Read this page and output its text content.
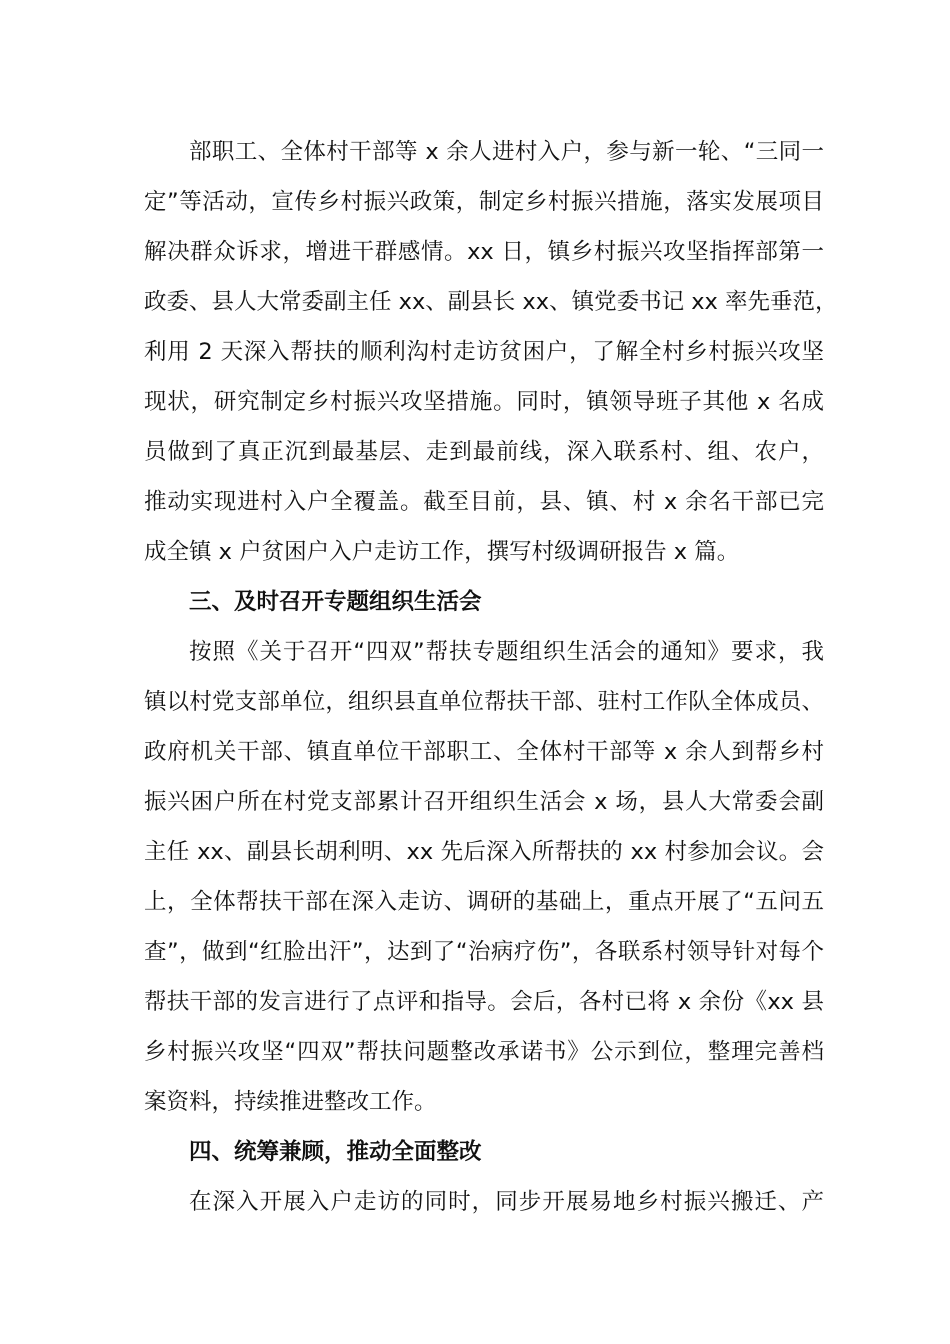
部职工、全体村干部等 x 余人进村入户，参与新一轮、“三同一
定”等活动，宣传乡村振兴政策，制定乡村振兴措施，落实发展项目
解决群众诉求，增进干群感情。xx 日，镇乡村振兴攻坚指挥部第一
政委、县人大常委副主任 xx、副县长 xx、镇党委书记 xx 率先垂范，
利用 2 天深入帮扶的顺利沟村走访贫困户，了解全村乡村振兴攻坚
现状，研究制定乡村振兴攻坚措施。同时，镇领导班子其他 x 名成
员做到了真正沉到最基层、走到最前线，深入联系村、组、农户，
推动实现进村入户全覆盖。截至目前，县、镇、村 x 余名干部已完
成全镇 x 户贫困户入户走访工作，撰写村级调研报告 x 篇。
三、及时召开专题组织生活会
按照《关于召开“四双”帮扶专题组织生活会的通知》要求，我
镇以村党支部单位，组织县直单位帮扶干部、驻村工作队全体成员、
政府机关干部、镇直单位干部职工、全体村干部等 x 余人到帮乡村
振兴困户所在村党支部累计召开组织生活会 x 场，县人大常委会副
主任 xx、副县长胡利明、xx 先后深入所帮扶的 xx 村参加会议。会
上，全体帮扶干部在深入走访、调研的基础上，重点开展了“五问五
查”，做到“红脸出汗”，达到了“治病疗伤”，各联系村领导针对每个
帮扶干部的发言进行了点评和指导。会后，各村已将 x 余份《xx 县
乡村振兴攻坚“四双”帮扶问题整改承诺书》公示到位，整理完善档
案资料，持续推进整改工作。
四、统筹兼顾，推动全面整改
在深入开展入户走访的同时，同步开展易地乡村振兴搬迁、产
